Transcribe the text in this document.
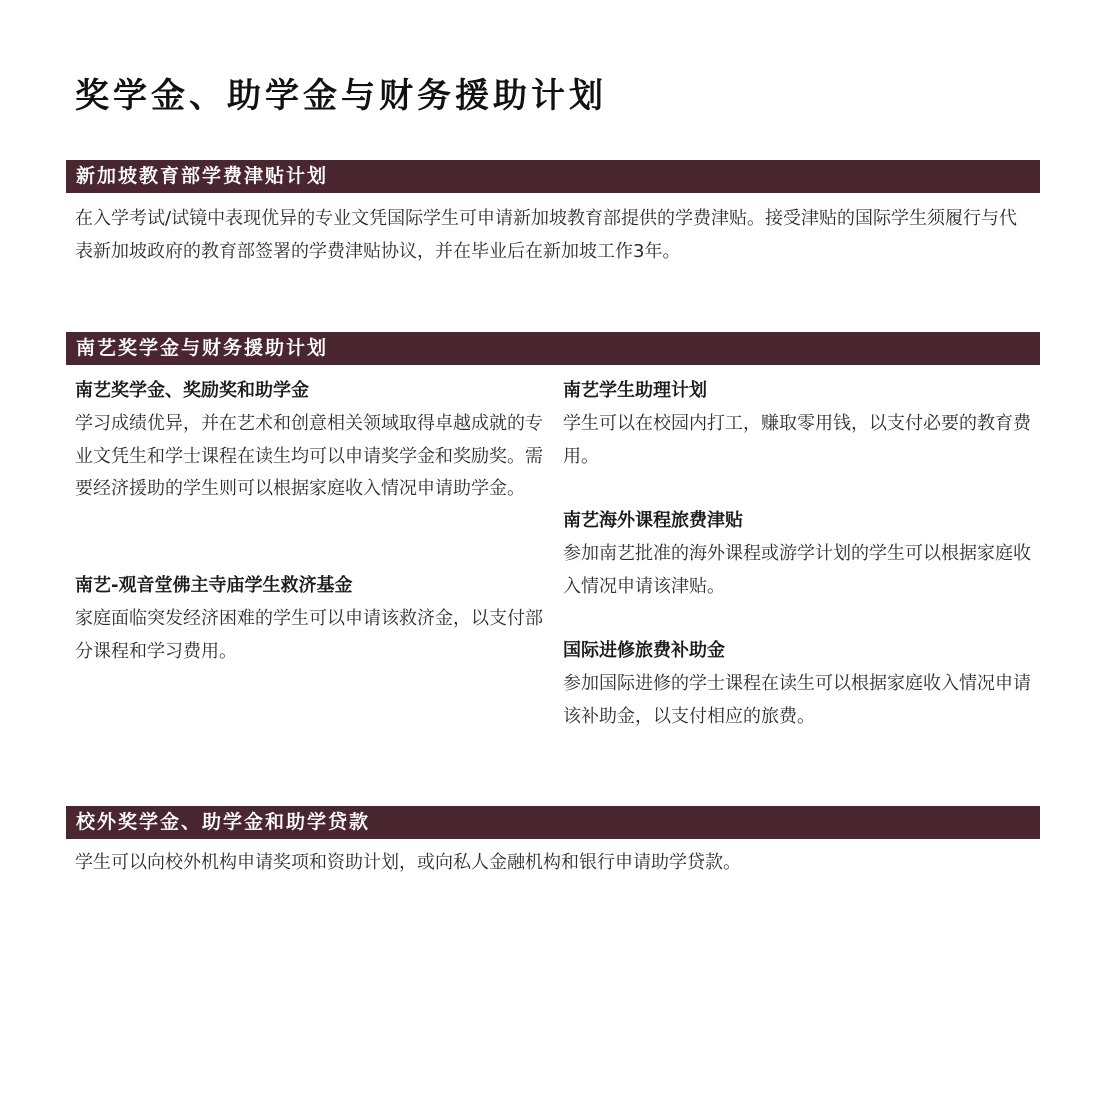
奖学金、助学金与财务援助计划
新加坡教育部学费津贴计划

在入学考试/试镜中表现优异的专业文凭国际学生可申请新加坡教育部提供的学费津贴。接受津贴的国际学生须履行与代表新加坡政府的教育部签署的学费津贴协议，并在毕业后在新加坡工作3年。

南艺奖学金与财务援助计划
南艺奖学金、奖励奖和助学金

学习成绩优异，并在艺术和创意相关领域取得卓越成就的专业文凭生和学士课程在读生均可以申请奖学金和奖励奖。需要经济援助的学生则可以根据家庭收入情况申请助学金。

南艺-观音堂佛主寺庙学生救济基金

家庭面临突发经济困难的学生可以申请该救济金，以支付部分课程和学习费用。

南艺学生助理计划

学生可以在校园内打工，赚取零用钱，以支付必要的教育费用。

南艺海外课程旅费津贴

参加南艺批准的海外课程或游学计划的学生可以根据家庭收入情况申请该津贴。

国际进修旅费补助金

参加国际进修的学士课程在读生可以根据家庭收入情况申请该补助金，以支付相应的旅费。

校外奖学金、助学金和助学贷款

学生可以向校外机构申请奖项和资助计划，或向私人金融机构和银行申请助学贷款。
